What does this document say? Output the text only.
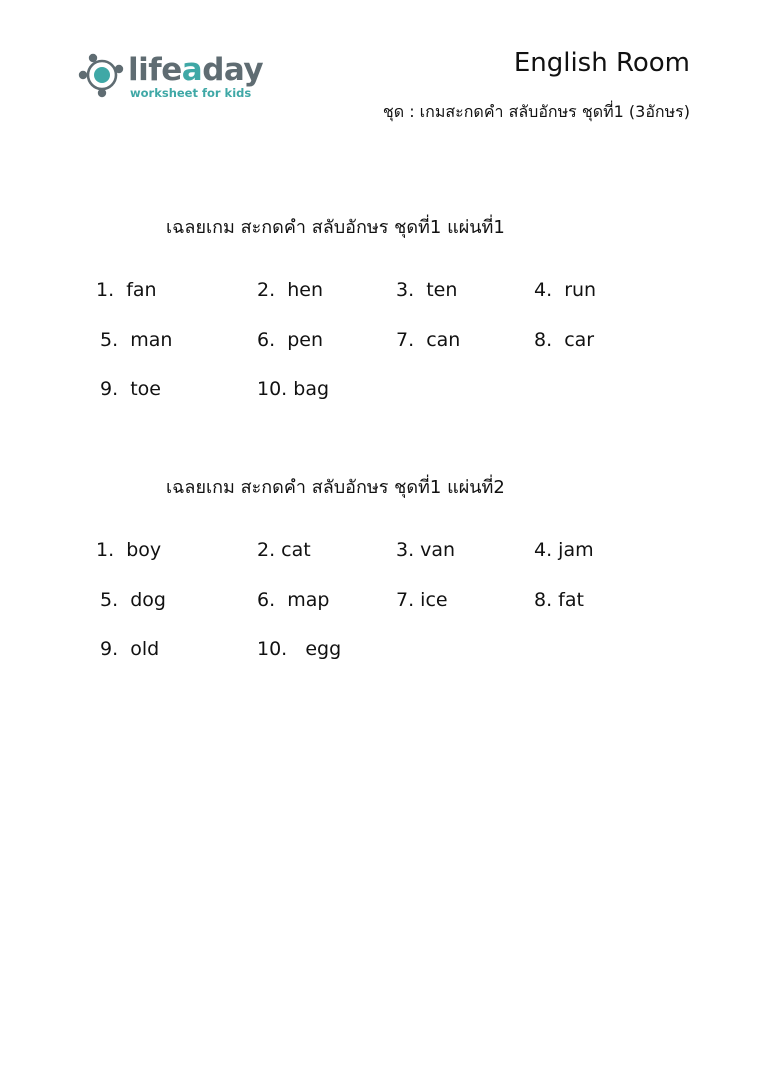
lifeaday
worksheet for kids
English Room
ชุด : เกมสะกดคำ สลับอักษร ชุดที่1 (3อักษร)
เฉลยเกม สะกดคำ สลับอักษร ชุดที่1 แผ่นที่1
1.  fan	2.  hen	3.  ten	4.  run
5.  man	6.  pen	7.  can	8.  car
9.  toe	10. bag
เฉลยเกม สะกดคำ สลับอักษร ชุดที่1 แผ่นที่2
1.  boy	2. cat	3. van	4. jam
5.  dog	6.  map	7. ice	8. fat
9.  old	10.   egg
